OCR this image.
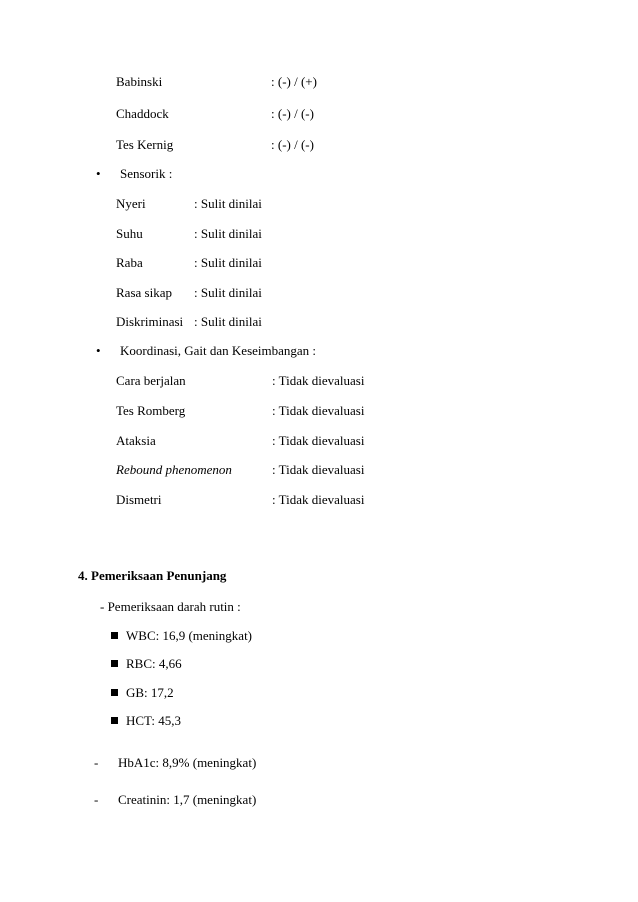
Babinski	: (-) / (+)
Chaddock	: (-) / (-)
Tes Kernig	: (-) / (-)
• Sensorik :
Nyeri	: Sulit dinilai
Suhu	: Sulit dinilai
Raba	: Sulit dinilai
Rasa sikap : Sulit dinilai
Diskriminasi : Sulit dinilai
• Koordinasi, Gait dan Keseimbangan :
Cara berjalan	: Tidak dievaluasi
Tes Romberg	: Tidak dievaluasi
Ataksia	: Tidak dievaluasi
Rebound phenomenon	: Tidak dievaluasi
Dismetri	: Tidak dievaluasi
4. Pemeriksaan Penunjang
- Pemeriksaan darah rutin :
WBC: 16,9 (meningkat)
RBC: 4,66
GB: 17,2
HCT: 45,3
- HbA1c: 8,9% (meningkat)
- Creatinin: 1,7 (meningkat)
